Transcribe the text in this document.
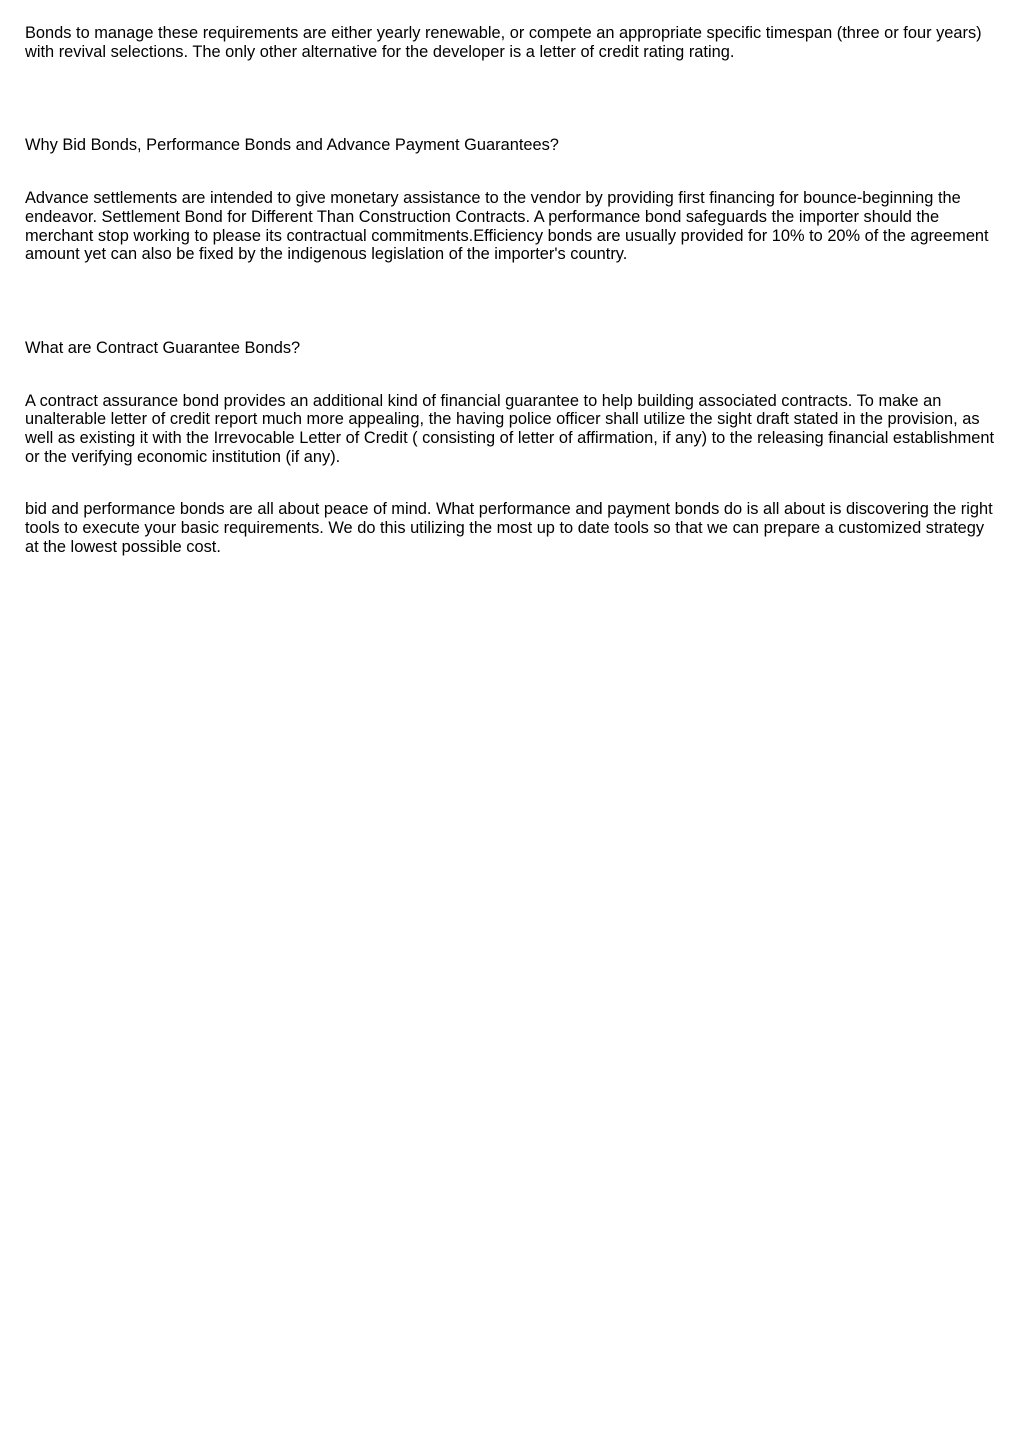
Bonds to manage these requirements are either yearly renewable, or compete an appropriate specific timespan (three or four years) with revival selections. The only other alternative for the developer is a letter of credit rating rating.

Why Bid Bonds, Performance Bonds and Advance Payment Guarantees?

Advance settlements are intended to give monetary assistance to the vendor by providing first financing for bounce-beginning the endeavor. Settlement Bond for Different Than Construction Contracts. A performance bond safeguards the importer should the merchant stop working to please its contractual commitments.Efficiency bonds are usually provided for 10% to 20% of the agreement amount yet can also be fixed by the indigenous legislation of the importer's country.

What are Contract Guarantee Bonds?

A contract assurance bond provides an additional kind of financial guarantee to help building associated contracts. To make an unalterable letter of credit report much more appealing, the having police officer shall utilize the sight draft stated in the provision, as well as existing it with the Irrevocable Letter of Credit ( consisting of letter of affirmation, if any) to the releasing financial establishment or the verifying economic institution (if any).

bid and performance bonds are all about peace of mind. What performance and payment bonds do is all about is discovering the right tools to execute your basic requirements. We do this utilizing the most up to date tools so that we can prepare a customized strategy at the lowest possible cost.
